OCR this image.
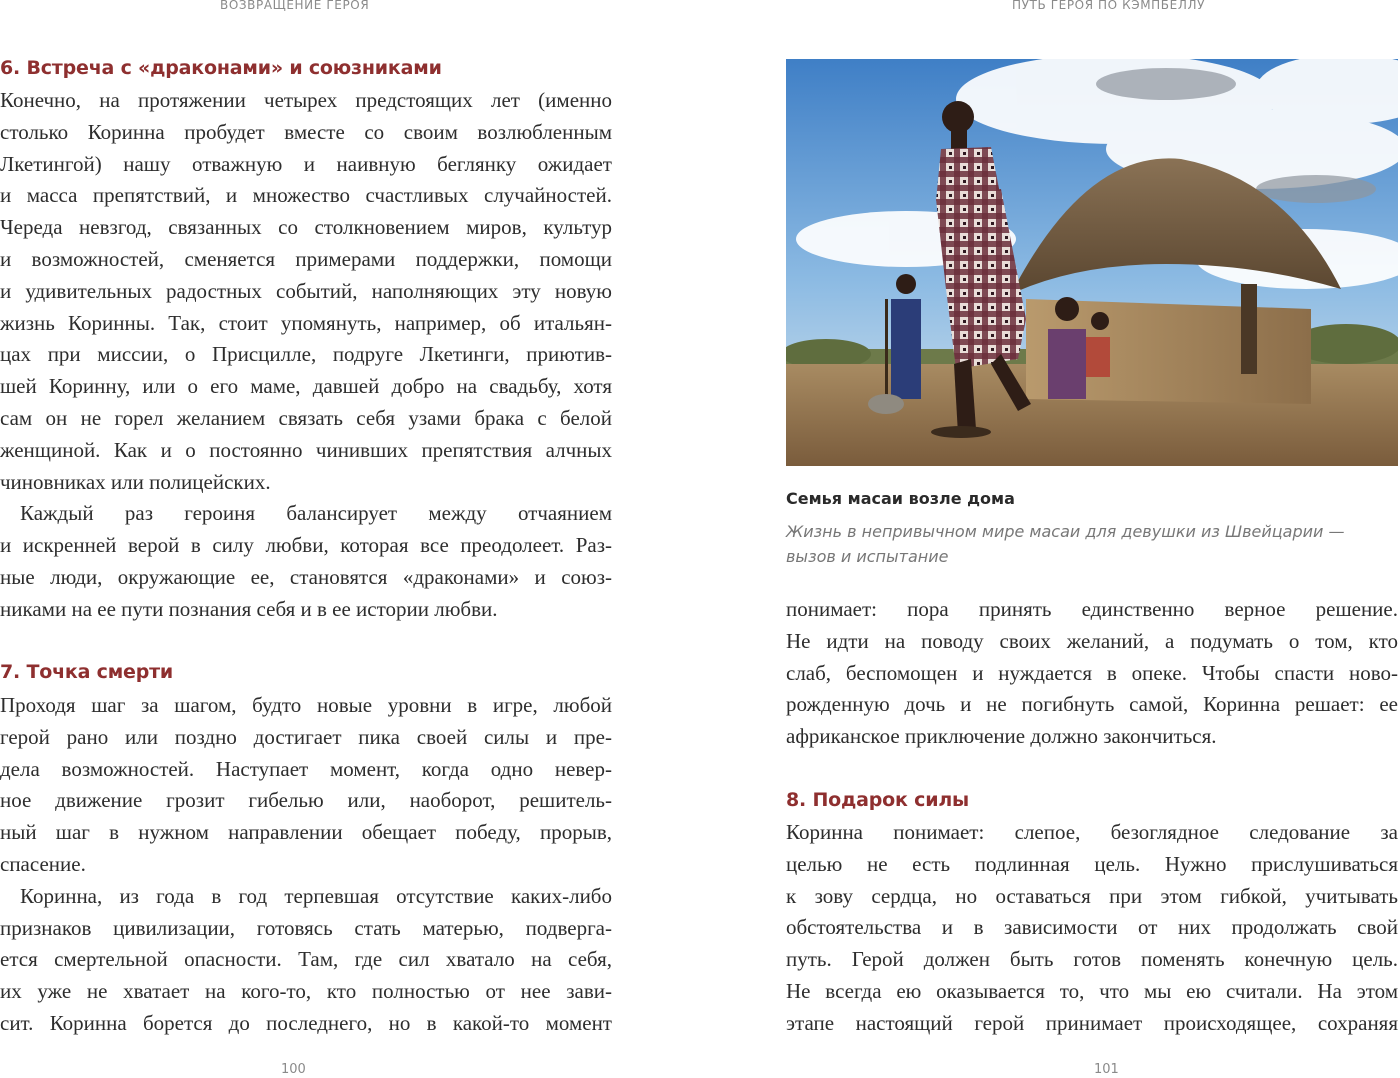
ВОЗВРАЩЕНИЕ ГЕРОЯ
6. Встреча с «драконами» и союзниками
Конечно, на протяжении четырех предстоящих лет (именно
столько Коринна пробудет вместе со своим возлюбленным
Лкетингой) нашу отважную и наивную беглянку ожидает
и масса препятствий, и множество счастливых случайностей.
Череда невзгод, связанных со столкновением миров, культур
и возможностей, сменяется примерами поддержки, помощи
и удивительных радостных событий, наполняющих эту новую
жизнь Коринны. Так, стоит упомянуть, например, об итальян-
цах при миссии, о Присцилле, подруге Лкетинги, приютив-
шей Коринну, или о его маме, давшей добро на свадьбу, хотя
сам он не горел желанием связать себя узами брака с белой
женщиной. Как и о постоянно чинивших препятствия алчных
чиновниках или полицейских.
Каждый раз героиня балансирует между отчаянием
и искренней верой в силу любви, которая все преодолеет. Раз-
ные люди, окружающие ее, становятся «драконами» и союз-
никами на ее пути познания себя и в ее истории любви.
7. Точка смерти
Проходя шаг за шагом, будто новые уровни в игре, любой
герой рано или поздно достигает пика своей силы и пре-
дела возможностей. Наступает момент, когда одно невер-
ное движение грозит гибелью или, наоборот, решитель-
ный шаг в нужном направлении обещает победу, прорыв,
спасение.
Коринна, из года в год терпевшая отсутствие каких-либо
признаков цивилизации, готовясь стать матерью, подверга-
ется смертельной опасности. Там, где сил хватало на себя,
их уже не хватает на кого-то, кто полностью от нее зави-
сит. Коринна борется до последнего, но в какой-то момент
100
ПУТЬ ГЕРОЯ ПО КЭМПБЕЛЛУ
Семья масаи возле дома
Жизнь в непривычном мире масаи для девушки из Швейцарии —
вызов и испытание
понимает: пора принять единственно верное решение.
Не идти на поводу своих желаний, а подумать о том, кто
слаб, беспомощен и нуждается в опеке. Чтобы спасти ново-
рожденную дочь и не погибнуть самой, Коринна решает: ее
африканское приключение должно закончиться.
8. Подарок силы
Коринна понимает: слепое, безоглядное следование за
целью не есть подлинная цель. Нужно прислушиваться
к зову сердца, но оставаться при этом гибкой, учитывать
обстоятельства и в зависимости от них продолжать свой
путь. Герой должен быть готов поменять конечную цель.
Не всегда ею оказывается то, что мы ею считали. На этом
этапе настоящий герой принимает происходящее, сохраняя
101
